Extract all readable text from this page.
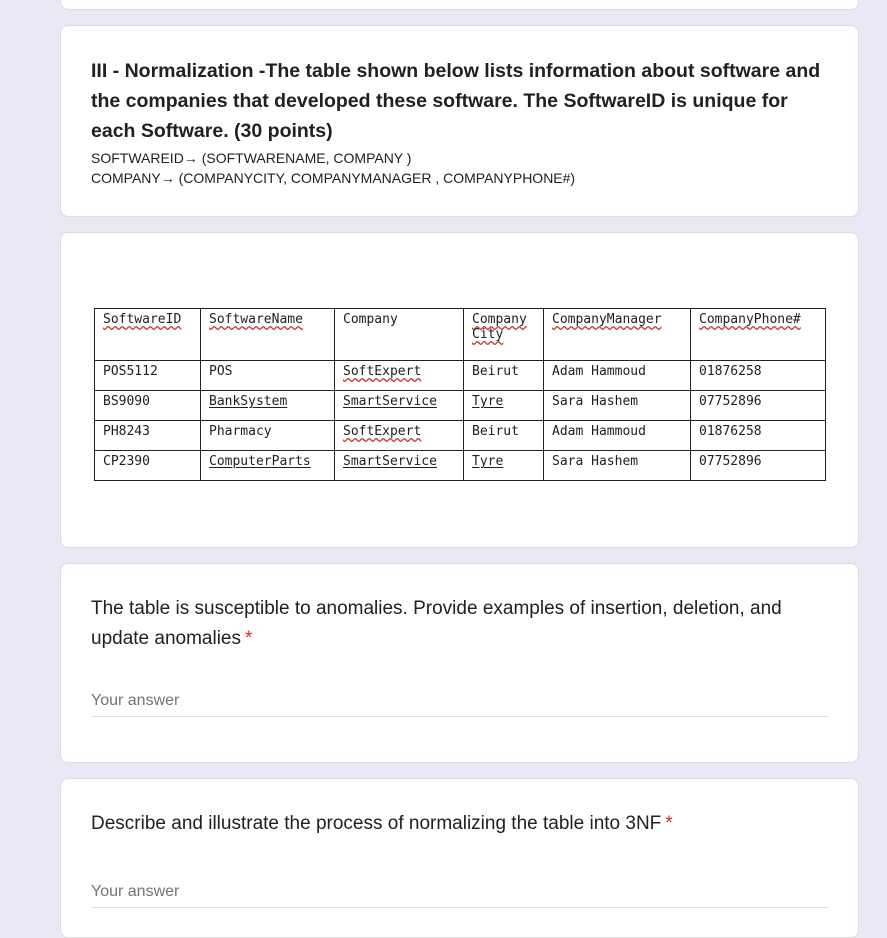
III - Normalization -The table shown below lists information about software and the companies that developed these software. The SoftwareID is unique for each Software. (30 points)
SOFTWAREID→ (SOFTWARENAME, COMPANY )
COMPANY→ (COMPANYCITY, COMPANYMANAGER , COMPANYPHONE#)
SoftwareID	SoftwareName	Company	Company City	CompanyManager	CompanyPhone#
POS5112	POS	SoftExpert	Beirut	Adam Hammoud	01876258
BS9090	BankSystem	SmartService	Tyre	Sara Hashem	07752896
PH8243	Pharmacy	SoftExpert	Beirut	Adam Hammoud	01876258
CP2390	ComputerParts	SmartService	Tyre	Sara Hashem	07752896
The table is susceptible to anomalies. Provide examples of insertion, deletion, and update anomalies *
Your answer
Describe and illustrate the process of normalizing the table into 3NF *
Your answer
